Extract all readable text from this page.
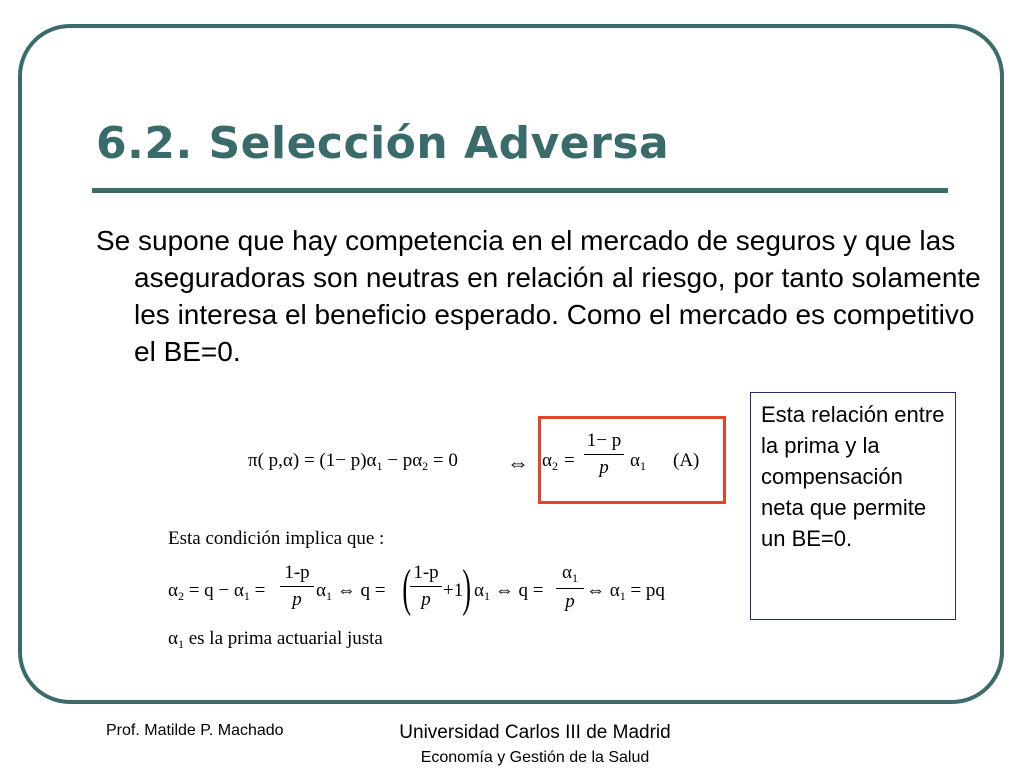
6.2. Selección Adversa

Se supone que hay competencia en el mercado de seguros y que las aseguradoras son neutras en relación al riesgo, por tanto solamente les interesa el beneficio esperado. Como el mercado es competitivo el BE=0.

Esta relación entre la prima y la compensación neta que permite un BE=0.
π( $p,\alpha) = (1- p)\alpha_1 - p\alpha_2 = 0$ ⇔ $\alpha_2$ =
1− p
p	$\alpha_1$ (A)
Esta condición implica que :
$\alpha_2 = q - \alpha_1$ =
1-p
p $\alpha_1$ ⇔ q = ( 1-p
p +1 ) $\alpha_1$ ⇔ q =
$\alpha_1$
p
⇔ $\alpha_1$ = pq
$\alpha_1$ es la prima actuarial justa
Prof. Matilde P. Machado	Universidad Carlos III de Madrid
Economía y Gestión de la Salud
